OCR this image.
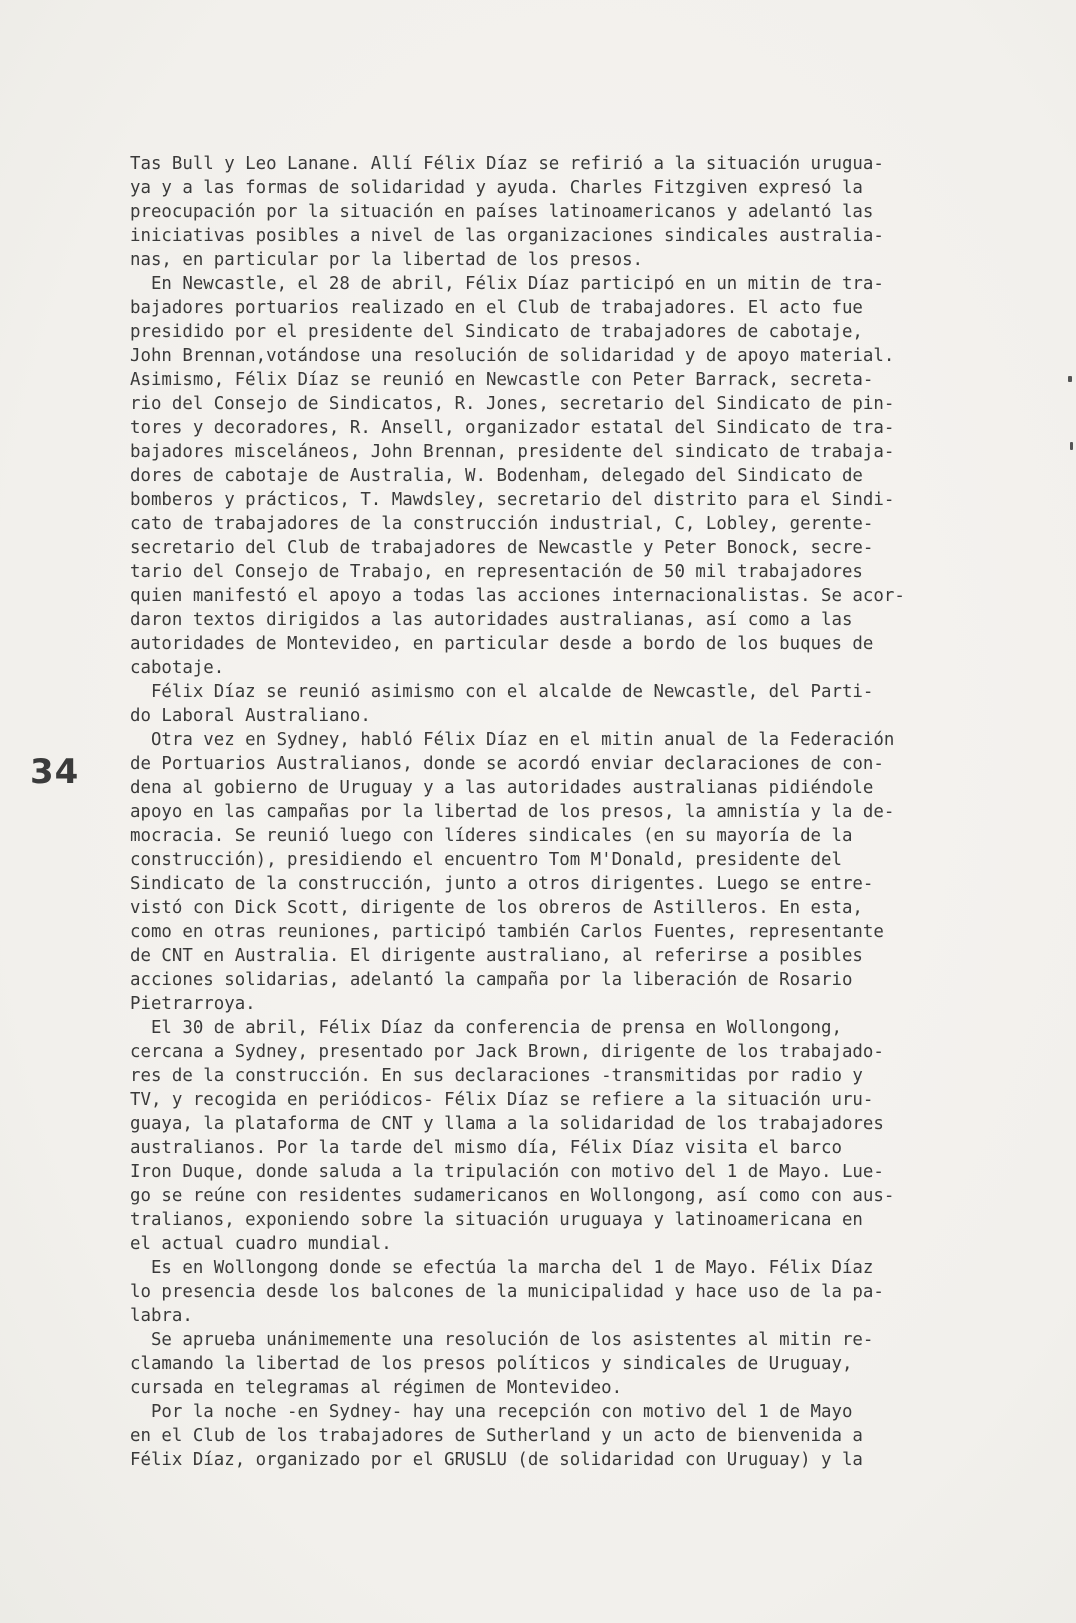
34
Tas Bull y Leo Lanane. Allí Félix Díaz se refirió a la situación urugua-
ya y a las formas de solidaridad y ayuda. Charles Fitzgiven expresó la
preocupación por la situación en países latinoamericanos y adelantó las
iniciativas posibles a nivel de las organizaciones sindicales australia-
nas, en particular por la libertad de los presos.
En Newcastle, el 28 de abril, Félix Díaz participó en un mitin de tra-
bajadores portuarios realizado en el Club de trabajadores. El acto fue
presidido por el presidente del Sindicato de trabajadores de cabotaje,
John Brennan,votándose una resolución de solidaridad y de apoyo material.
Asimismo, Félix Díaz se reunió en Newcastle con Peter Barrack, secreta-
rio del Consejo de Sindicatos, R. Jones, secretario del Sindicato de pin-
tores y decoradores, R. Ansell, organizador estatal del Sindicato de tra-
bajadores misceláneos, John Brennan, presidente del sindicato de trabaja-
dores de cabotaje de Australia, W. Bodenham, delegado del Sindicato de
bomberos y prácticos, T. Mawdsley, secretario del distrito para el Sindi-
cato de trabajadores de la construcción industrial, C, Lobley, gerente-
secretario del Club de trabajadores de Newcastle y Peter Bonock, secre-
tario del Consejo de Trabajo, en representación de 50 mil trabajadores
quien manifestó el apoyo a todas las acciones internacionalistas. Se acor-
daron textos dirigidos a las autoridades australianas, así como a las
autoridades de Montevideo, en particular desde a bordo de los buques de
cabotaje.
Félix Díaz se reunió asimismo con el alcalde de Newcastle, del Parti-
do Laboral Australiano.
Otra vez en Sydney, habló Félix Díaz en el mitin anual de la Federación
de Portuarios Australianos, donde se acordó enviar declaraciones de con-
dena al gobierno de Uruguay y a las autoridades australianas pidiéndole
apoyo en las campañas por la libertad de los presos, la amnistía y la de-
mocracia. Se reunió luego con líderes sindicales (en su mayoría de la
construcción), presidiendo el encuentro Tom M'Donald, presidente del
Sindicato de la construcción, junto a otros dirigentes. Luego se entre-
vistó con Dick Scott, dirigente de los obreros de Astilleros. En esta,
como en otras reuniones, participó también Carlos Fuentes, representante
de CNT en Australia. El dirigente australiano, al referirse a posibles
acciones solidarias, adelantó la campaña por la liberación de Rosario
Pietrarroya.
El 30 de abril, Félix Díaz da conferencia de prensa en Wollongong,
cercana a Sydney, presentado por Jack Brown, dirigente de los trabajado-
res de la construcción. En sus declaraciones -transmitidas por radio y
TV, y recogida en periódicos- Félix Díaz se refiere a la situación uru-
guaya, la plataforma de CNT y llama a la solidaridad de los trabajadores
australianos. Por la tarde del mismo día, Félix Díaz visita el barco
Iron Duque, donde saluda a la tripulación con motivo del 1 de Mayo. Lue-
go se reúne con residentes sudamericanos en Wollongong, así como con aus-
tralianos, exponiendo sobre la situación uruguaya y latinoamericana en
el actual cuadro mundial.
Es en Wollongong donde se efectúa la marcha del 1 de Mayo. Félix Díaz
lo presencia desde los balcones de la municipalidad y hace uso de la pa-
labra.
Se aprueba unánimemente una resolución de los asistentes al mitin re-
clamando la libertad de los presos políticos y sindicales de Uruguay,
cursada en telegramas al régimen de Montevideo.
Por la noche -en Sydney- hay una recepción con motivo del 1 de Mayo
en el Club de los trabajadores de Sutherland y un acto de bienvenida a
Félix Díaz, organizado por el GRUSLU (de solidaridad con Uruguay) y la
